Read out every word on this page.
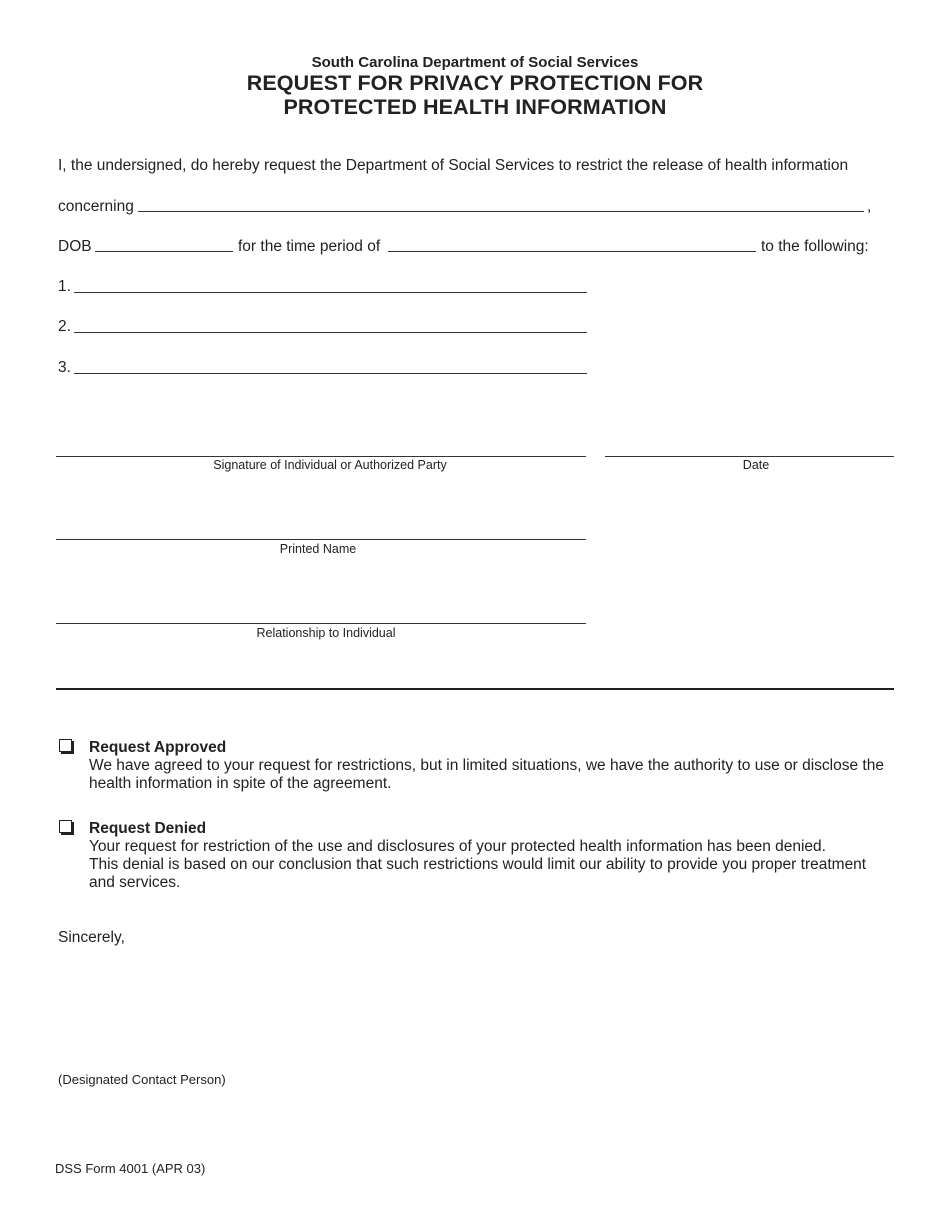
South Carolina Department of Social Services
REQUEST FOR PRIVACY PROTECTION FOR
PROTECTED HEALTH INFORMATION
I, the undersigned, do hereby request the Department of Social Services to restrict the release of health information
concerning	,
DOB	for the time period of	to the following:
1.
2.
3.
Signature of Individual or Authorized Party	Date
Printed Name
Relationship to Individual
Request Approved
We have agreed to your request for restrictions, but in limited situations, we have the authority to use or disclose the health information in spite of the agreement.
Request Denied
Your request for restriction of the use and disclosures of your protected health information has been denied.
This denial is based on our conclusion that such restrictions would limit our ability to provide you proper treatment and services.
Sincerely,
(Designated Contact Person)
DSS Form 4001 (APR 03)
